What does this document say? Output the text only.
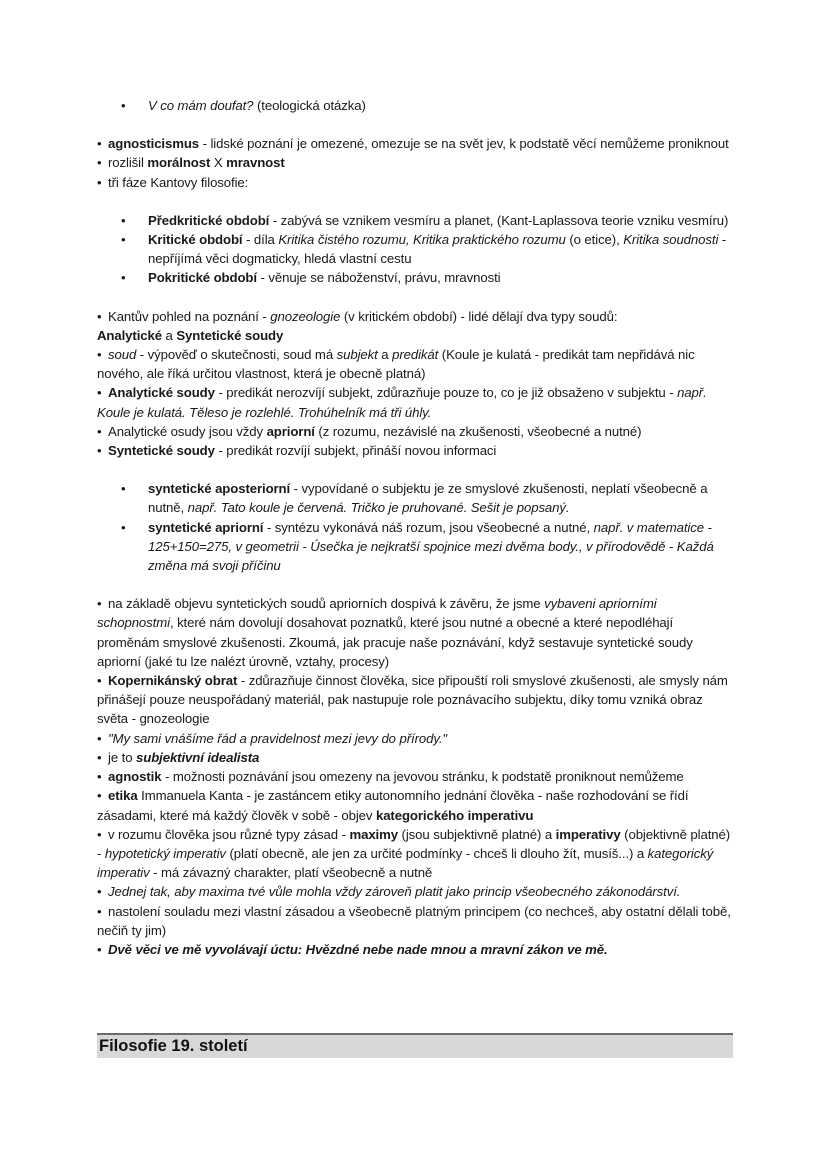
• V co mám doufat? (teologická otázka)

• agnosticismus - lidské poznání je omezené, omezuje se na svět jev, k podstatě věcí nemůžeme proniknout

• rozlišil morálnost X mravnost

• tři fáze Kantovy filosofie:

• Předkritické období - zabývá se vznikem vesmíru a planet, (Kant-Laplassova teorie vzniku vesmíru)
• Kritické období - díla Kritika čistého rozumu, Kritika praktického rozumu (o etice), Kritika soudnosti - nepříjímá věci dogmaticky, hledá vlastní cestu
• Pokritické období - věnuje se náboženství, právu, mravnosti

• Kantův pohled na poznání - gnozeologie (v kritickém období) - lidé dělají dva typy soudů:

Analytické a Syntetické soudy

• soud - výpověď o skutečnosti, soud má subjekt a predikát (Koule je kulatá - predikát tam nepřidává nic nového, ale říká určitou vlastnost, která je obecně platná)

• Analytické soudy - predikát nerozvíjí subjekt, zdůrazňuje pouze to, co je již obsaženo v subjektu - např. Koule je kulatá. Těleso je rozlehlé. Trohúhelník má tři úhly.

• Analytické osudy jsou vždy apriorní (z rozumu, nezávislé na zkušenosti, všeobecné a nutné)

• Syntetické soudy - predikát rozvíjí subjekt, přináší novou informaci

• syntetické aposteriorní - vypovídané o subjektu je ze smyslové zkušenosti, neplatí všeobecně a nutně, např. Tato koule je červená. Tričko je pruhované. Sešit je popsaný.
• syntetické apriorní - syntézu vykonává náš rozum, jsou všeobecné a nutné, např. v matematice - 125+150=275, v geometrii - Úsečka je nejkratší spojnice mezi dvěma body., v přírodovědě - Každá změna má svoji příčinu

• na základě objevu syntetických soudů apriorních dospívá k závěru, že jsme vybaveni apriorními schopnostmi, které nám dovolují dosahovat poznatků, které jsou nutné a obecné a které nepodléhají proměnám smyslové zkušenosti. Zkoumá, jak pracuje naše poznávání, když sestavuje syntetické soudy apriorní (jaké tu lze nalézt úrovně, vztahy, procesy)

• Kopernikánský obrat - zdůrazňuje činnost člověka, sice připouští roli smyslové zkušenosti, ale smysly nám přinášejí pouze neuspořádaný materiál, pak nastupuje role poznávacího subjektu, díky tomu vzniká obraz světa - gnozeologie

• "My sami vnášíme řád a pravidelnost mezi jevy do přírody."

• je to subjektivní idealista

• agnostik - možnosti poznávání jsou omezeny na jevovou stránku, k podstatě proniknout nemůžeme

• etika Immanuela Kanta - je zastáncem etiky autonomního jednání člověka - naše rozhodování se řídí zásadami, které má každý člověk v sobě - objev kategorického imperativu

• v rozumu člověka jsou různé typy zásad - maximy (jsou subjektivně platné) a imperativy (objektivně platné) - hypotetický imperativ (platí obecně, ale jen za určité podmínky - chceš li dlouho žít, musíš...) a kategorický imperativ - má závazný charakter, platí všeobecně a nutně

• Jednej tak, aby maxima tvé vůle mohla vždy zároveň platit jako princip všeobecného zákonodárství.

• nastolení souladu mezi vlastní zásadou a všeobecně platným principem (co nechceš, aby ostatní dělali tobě, nečiň ty jim)

• Dvě věci ve mě vyvolávají úctu: Hvězdné nebe nade mnou a mravní zákon ve mě.

Filosofie 19. století
